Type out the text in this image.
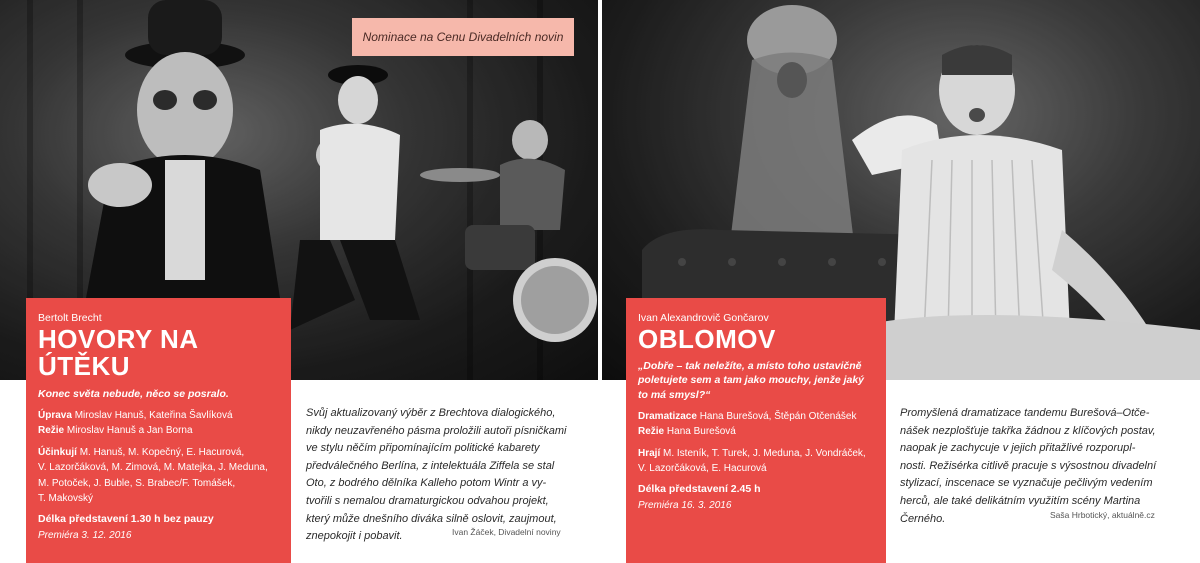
Nominace na Cenu Divadelních novin

Bertolt Brecht

HOVORY NA ÚTĚKU

Konec světa nebude, něco se posralo.

Úprava Miroslav Hanuš, Kateřina Šavlíková

Režie Miroslav Hanuš a Jan Borna

Účinkují M. Hanuš, M. Kopečný, E. Hacurová,
V. Lazorčáková, M. Zimová, M. Matejka, J. Meduna,
M. Potoček, J. Buble, S. Brabec/F. Tomášek,
T. Makovský

Délka představení 1.30 h bez pauzy

Premiéra 3. 12. 2016

Svůj aktualizovaný výběr z Brechtova dialogického,
nikdy neuzavřeného pásma proložili autoři písničkami
ve stylu něčím připomínajícím politické kabarety
předválečného Berlína, z intelektuála Ziffela se stal
Oto, z bodrého dělníka Kalleho potom Wintr a vy-
tvořili s nemalou dramaturgickou odvahou projekt,
který může dnešního diváka silně oslovit, zaujmout,
znepokojit i pobavit.	Ivan Žáček, Divadelní noviny

Ivan Alexandrovič Gončarov

OBLOMOV

„Dobře – tak neležíte, a místo toho ustavičně
poletujete sem a tam jako mouchy, jenže jaký
to má smysl?“

Dramatizace Hana Burešová, Štěpán Otčenášek

Režie Hana Burešová

Hrají M. Isteník, T. Turek, J. Meduna, J. Vondráček,
V. Lazorčáková, E. Hacurová

Délka představení 2.45 h

Premiéra 16. 3. 2016

Promyšlená dramatizace tandemu Burešová–Otče-
nášek nezplošťuje takřka žádnou z klíčových postav,
naopak je zachycuje v jejich přitažlivé rozporupl-
nosti. Režisérka citlivě pracuje s výsostnou divadelní
stylizací, inscenace se vyznačuje pečlivým vedením
herců, ale také delikátním využitím scény Martina
Černého.	Saša Hrbotický, aktuálně.cz
